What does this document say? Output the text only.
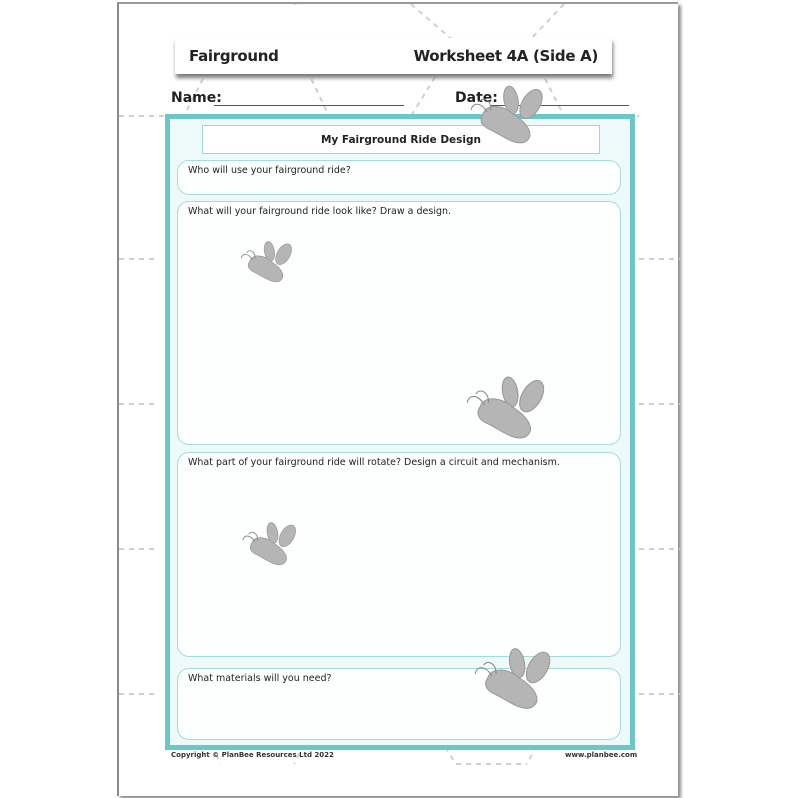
Fairground	Worksheet 4A (Side A)
Name:	Date:
My Fairground Ride Design
Who will use your fairground ride?
What will your fairground ride look like? Draw a design.
What part of your fairground ride will rotate? Design a circuit and mechanism.
What materials will you need?
Copyright © PlanBee Resources Ltd 2022	www.planbee.com
